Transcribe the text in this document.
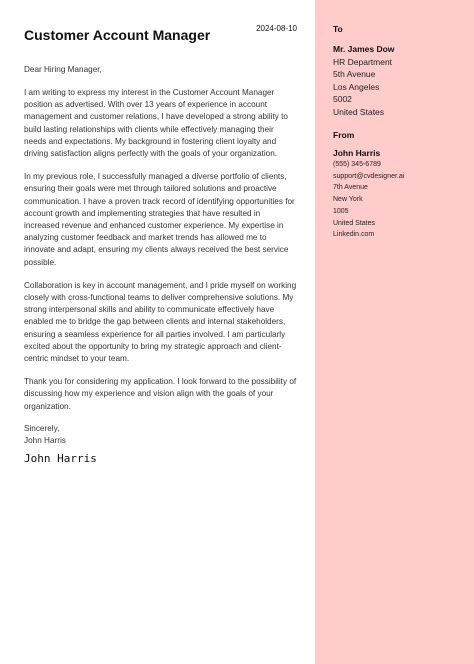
Customer Account Manager	2024-08-10
Dear Hiring Manager,
I am writing to express my interest in the Customer Account Manager position as advertised. With over 13 years of experience in account management and customer relations, I have developed a strong ability to build lasting relationships with clients while effectively managing their needs and expectations. My background in fostering client loyalty and driving satisfaction aligns perfectly with the goals of your organization.
In my previous role, I successfully managed a diverse portfolio of clients, ensuring their goals were met through tailored solutions and proactive communication. I have a proven track record of identifying opportunities for account growth and implementing strategies that have resulted in increased revenue and enhanced customer experience. My expertise in analyzing customer feedback and market trends has allowed me to innovate and adapt, ensuring my clients always received the best service possible.
Collaboration is key in account management, and I pride myself on working closely with cross-functional teams to deliver comprehensive solutions. My strong interpersonal skills and ability to communicate effectively have enabled me to bridge the gap between clients and internal stakeholders, ensuring a seamless experience for all parties involved. I am particularly excited about the opportunity to bring my strategic approach and client-centric mindset to your team.
Thank you for considering my application. I look forward to the possibility of discussing how my experience and vision align with the goals of your organization.
Sincerely,
John Harris
John Harris
To
Mr. James Dow
HR Department
5th Avenue
Los Angeles
5002
United States
From
John Harris
(555) 345-6789
support@cvdesigner.ai
7th Avenue
New York
1005
United States
Linkedin.com
